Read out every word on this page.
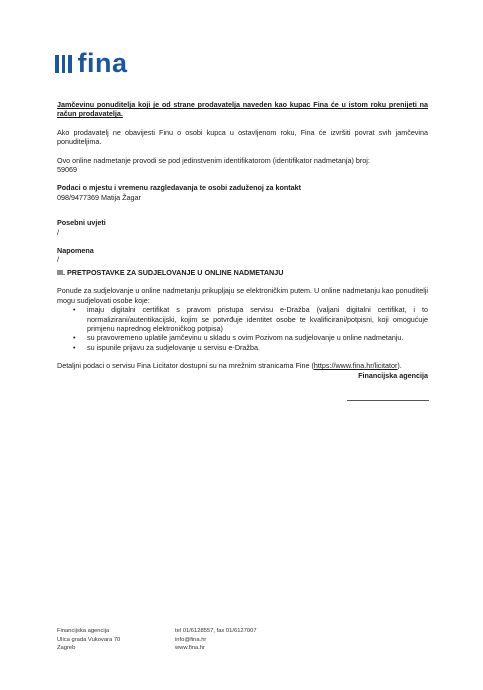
fina

Jamčevinu ponuditelja koji je od strane prodavatelja naveden kao kupac Fina će u istom roku prenijeti na račun prodavatelja.

Ako prodavatelj ne obavijesti Finu o osobi kupca u ostavljenom roku, Fina će izvršiti povrat svih jamčevina ponuditeljima.

Ovo online nadmetanje provodi se pod jedinstvenim identifikatorom (identifikator nadmetanja) broj:
59069

Podaci o mjestu i vremenu razgledavanja te osobi zaduženoj za kontakt

098/9477369 Matija Žagar

Posebni uvjeti

/

Napomena

/

III. PRETPOSTAVKE ZA SUDJELOVANJE U ONLINE NADMETANJU

Ponude za sudjelovanje u online nadmetanju prikupljaju se elektroničkim putem. U online nadmetanju kao ponuditelji mogu sudjelovati osobe koje:

• imaju digitalni certifikat s pravom pristupa servisu e-Dražba (valjani digitalni certifikat, i to normalizirani/autentikacijski, kojim se potvrđuje identitet osobe te kvalificirani/potpisni, koji omogućuje primjenu naprednog elektroničkog potpisa)
• su pravovremeno uplatile jamčevinu u skladu s ovim Pozivom na sudjelovanje u online nadmetanju.
• su ispunile prijavu za sudjelovanje u servisu e-Dražba.

Detaljni podaci o servisu Fina Licitator dostupni su na mrežnim stranicama Fine (https://www.fina.hr/licitator).

Financijska agencija

Financijska agencija
Ulica grada Vukovara 70
Zagreb
tel 01/6128557, fax 01/6127007
info@fina.hr
www.fina.hr
